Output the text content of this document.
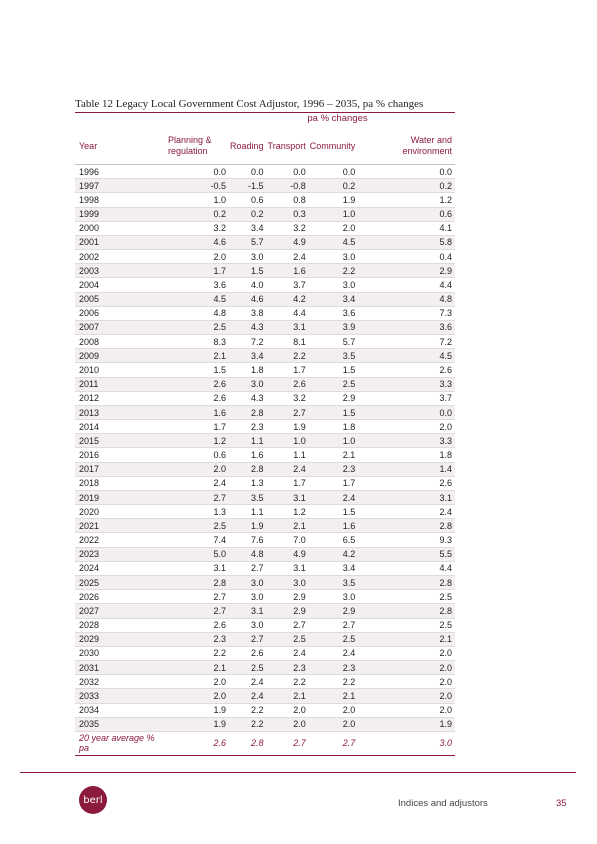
Table 12 Legacy Local Government Cost Adjustor, 1996 – 2035, pa % changes
pa % changes
Year	Planning & regulation	Roading	Transport	Community	Water and environment
1996	0.0	0.0	0.0	0.0	0.0
1997	-0.5	-1.5	-0.8	0.2	0.2
1998	1.0	0.6	0.8	1.9	1.2
1999	0.2	0.2	0.3	1.0	0.6
2000	3.2	3.4	3.2	2.0	4.1
2001	4.6	5.7	4.9	4.5	5.8
2002	2.0	3.0	2.4	3.0	0.4
2003	1.7	1.5	1.6	2.2	2.9
2004	3.6	4.0	3.7	3.0	4.4
2005	4.5	4.6	4.2	3.4	4.8
2006	4.8	3.8	4.4	3.6	7.3
2007	2.5	4.3	3.1	3.9	3.6
2008	8.3	7.2	8.1	5.7	7.2
2009	2.1	3.4	2.2	3.5	4.5
2010	1.5	1.8	1.7	1.5	2.6
2011	2.6	3.0	2.6	2.5	3.3
2012	2.6	4.3	3.2	2.9	3.7
2013	1.6	2.8	2.7	1.5	0.0
2014	1.7	2.3	1.9	1.8	2.0
2015	1.2	1.1	1.0	1.0	3.3
2016	0.6	1.6	1.1	2.1	1.8
2017	2.0	2.8	2.4	2.3	1.4
2018	2.4	1.3	1.7	1.7	2.6
2019	2.7	3.5	3.1	2.4	3.1
2020	1.3	1.1	1.2	1.5	2.4
2021	2.5	1.9	2.1	1.6	2.8
2022	7.4	7.6	7.0	6.5	9.3
2023	5.0	4.8	4.9	4.2	5.5
2024	3.1	2.7	3.1	3.4	4.4
2025	2.8	3.0	3.0	3.5	2.8
2026	2.7	3.0	2.9	3.0	2.5
2027	2.7	3.1	2.9	2.9	2.8
2028	2.6	3.0	2.7	2.7	2.5
2029	2.3	2.7	2.5	2.5	2.1
2030	2.2	2.6	2.4	2.4	2.0
2031	2.1	2.5	2.3	2.3	2.0
2032	2.0	2.4	2.2	2.2	2.0
2033	2.0	2.4	2.1	2.1	2.0
2034	1.9	2.2	2.0	2.0	2.0
2035	1.9	2.2	2.0	2.0	1.9
20 year average % pa	2.6	2.8	2.7	2.7	3.0
berl	Indices and adjustors	35
